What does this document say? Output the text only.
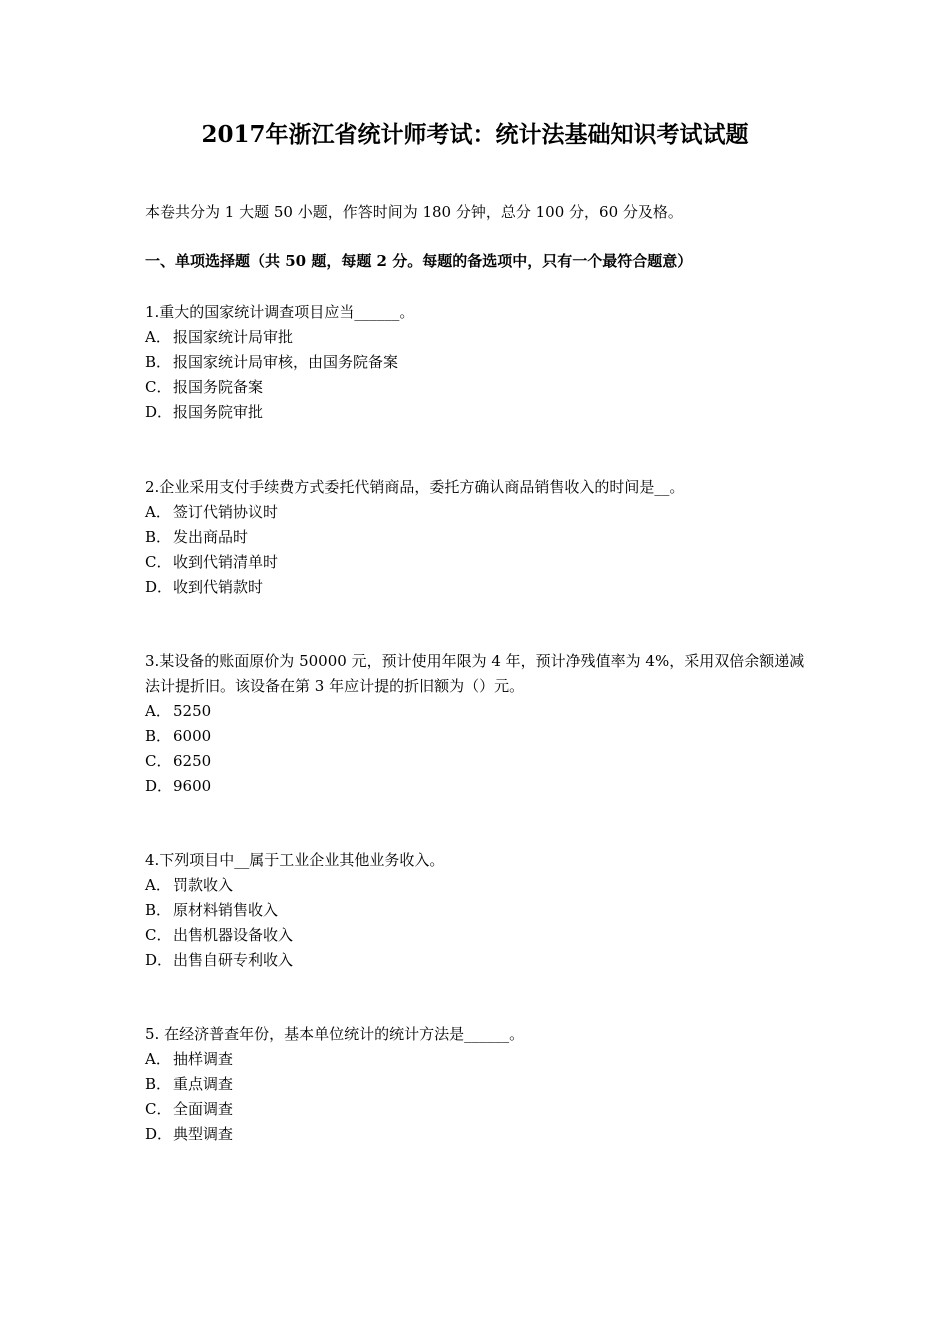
2017年浙江省统计师考试：统计法基础知识考试试题

本卷共分为 1 大题 50 小题，作答时间为 180 分钟，总分 100 分，60 分及格。

一、单项选择题（共 50 题，每题 2 分。每题的备选项中，只有一个最符合题意）

1.重大的国家统计调查项目应当______。

A． 报国家统计局审批
B． 报国家统计局审核，由国务院备案
C． 报国务院备案
D．报国务院审批

2.企业采用支付手续费方式委托代销商品，委托方确认商品销售收入的时间是__。

A． 签订代销协议时
B． 发出商品时
C． 收到代销清单时
D．收到代销款时

3.某设备的账面原价为 50000 元，预计使用年限为 4 年，预计净残值率为 4%，采用双倍余额递减法计提折旧。该设备在第 3 年应计提的折旧额为（）元。

A． 5250
B． 6000
C． 6250
D．9600

4.下列项目中__属于工业企业其他业务收入。

A． 罚款收入
B． 原材料销售收入
C． 出售机器设备收入
D．出售自研专利收入

5. 在经济普查年份，基本单位统计的统计方法是______。

A． 抽样调查
B． 重点调查
C． 全面调查
D．典型调查
